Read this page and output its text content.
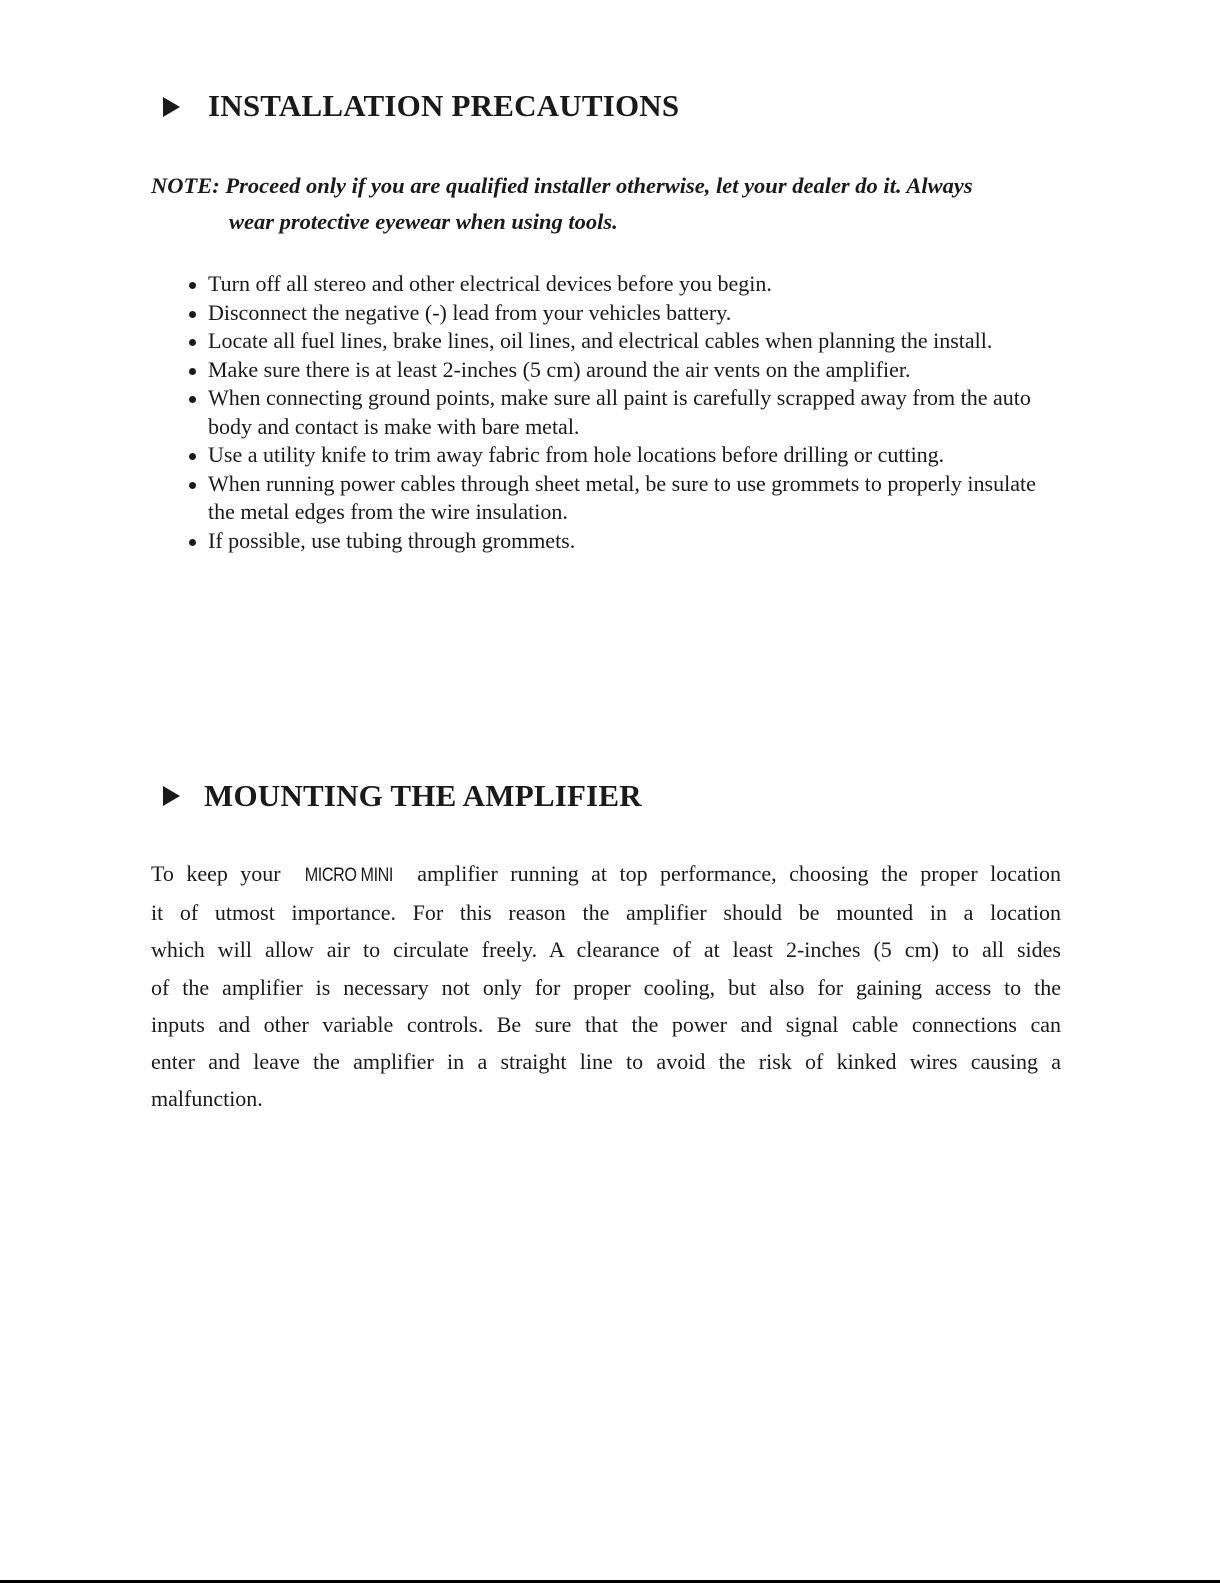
INSTALLATION PRECAUTIONS
NOTE: Proceed only if you are qualified installer otherwise, let your dealer do it. Always
wear protective eyewear when using tools.
Turn off all stereo and other electrical devices before you begin.
Disconnect the negative (-) lead from your vehicles battery.
Locate all fuel lines, brake lines, oil lines, and electrical cables when planning the install.
Make sure there is at least 2-inches (5 cm) around the air vents on the amplifier.
When connecting ground points, make sure all paint is carefully scrapped away from the auto body and contact is make with bare metal.
Use a utility knife to trim away fabric from hole locations before drilling or cutting.
When running power cables through sheet metal, be sure to use grommets to properly insulate the metal edges from the wire insulation.
If possible, use tubing through grommets.
MOUNTING THE AMPLIFIER
To keep your MICRO MINI amplifier running at top performance, choosing the proper location
it of utmost importance. For this reason the amplifier should be mounted in a location
which will allow air to circulate freely. A clearance of at least 2-inches (5 cm) to all sides
of the amplifier is necessary not only for proper cooling, but also for gaining access to the
inputs and other variable controls. Be sure that the power and signal cable connections can
enter and leave the amplifier in a straight line to avoid the risk of kinked wires causing a
malfunction.
